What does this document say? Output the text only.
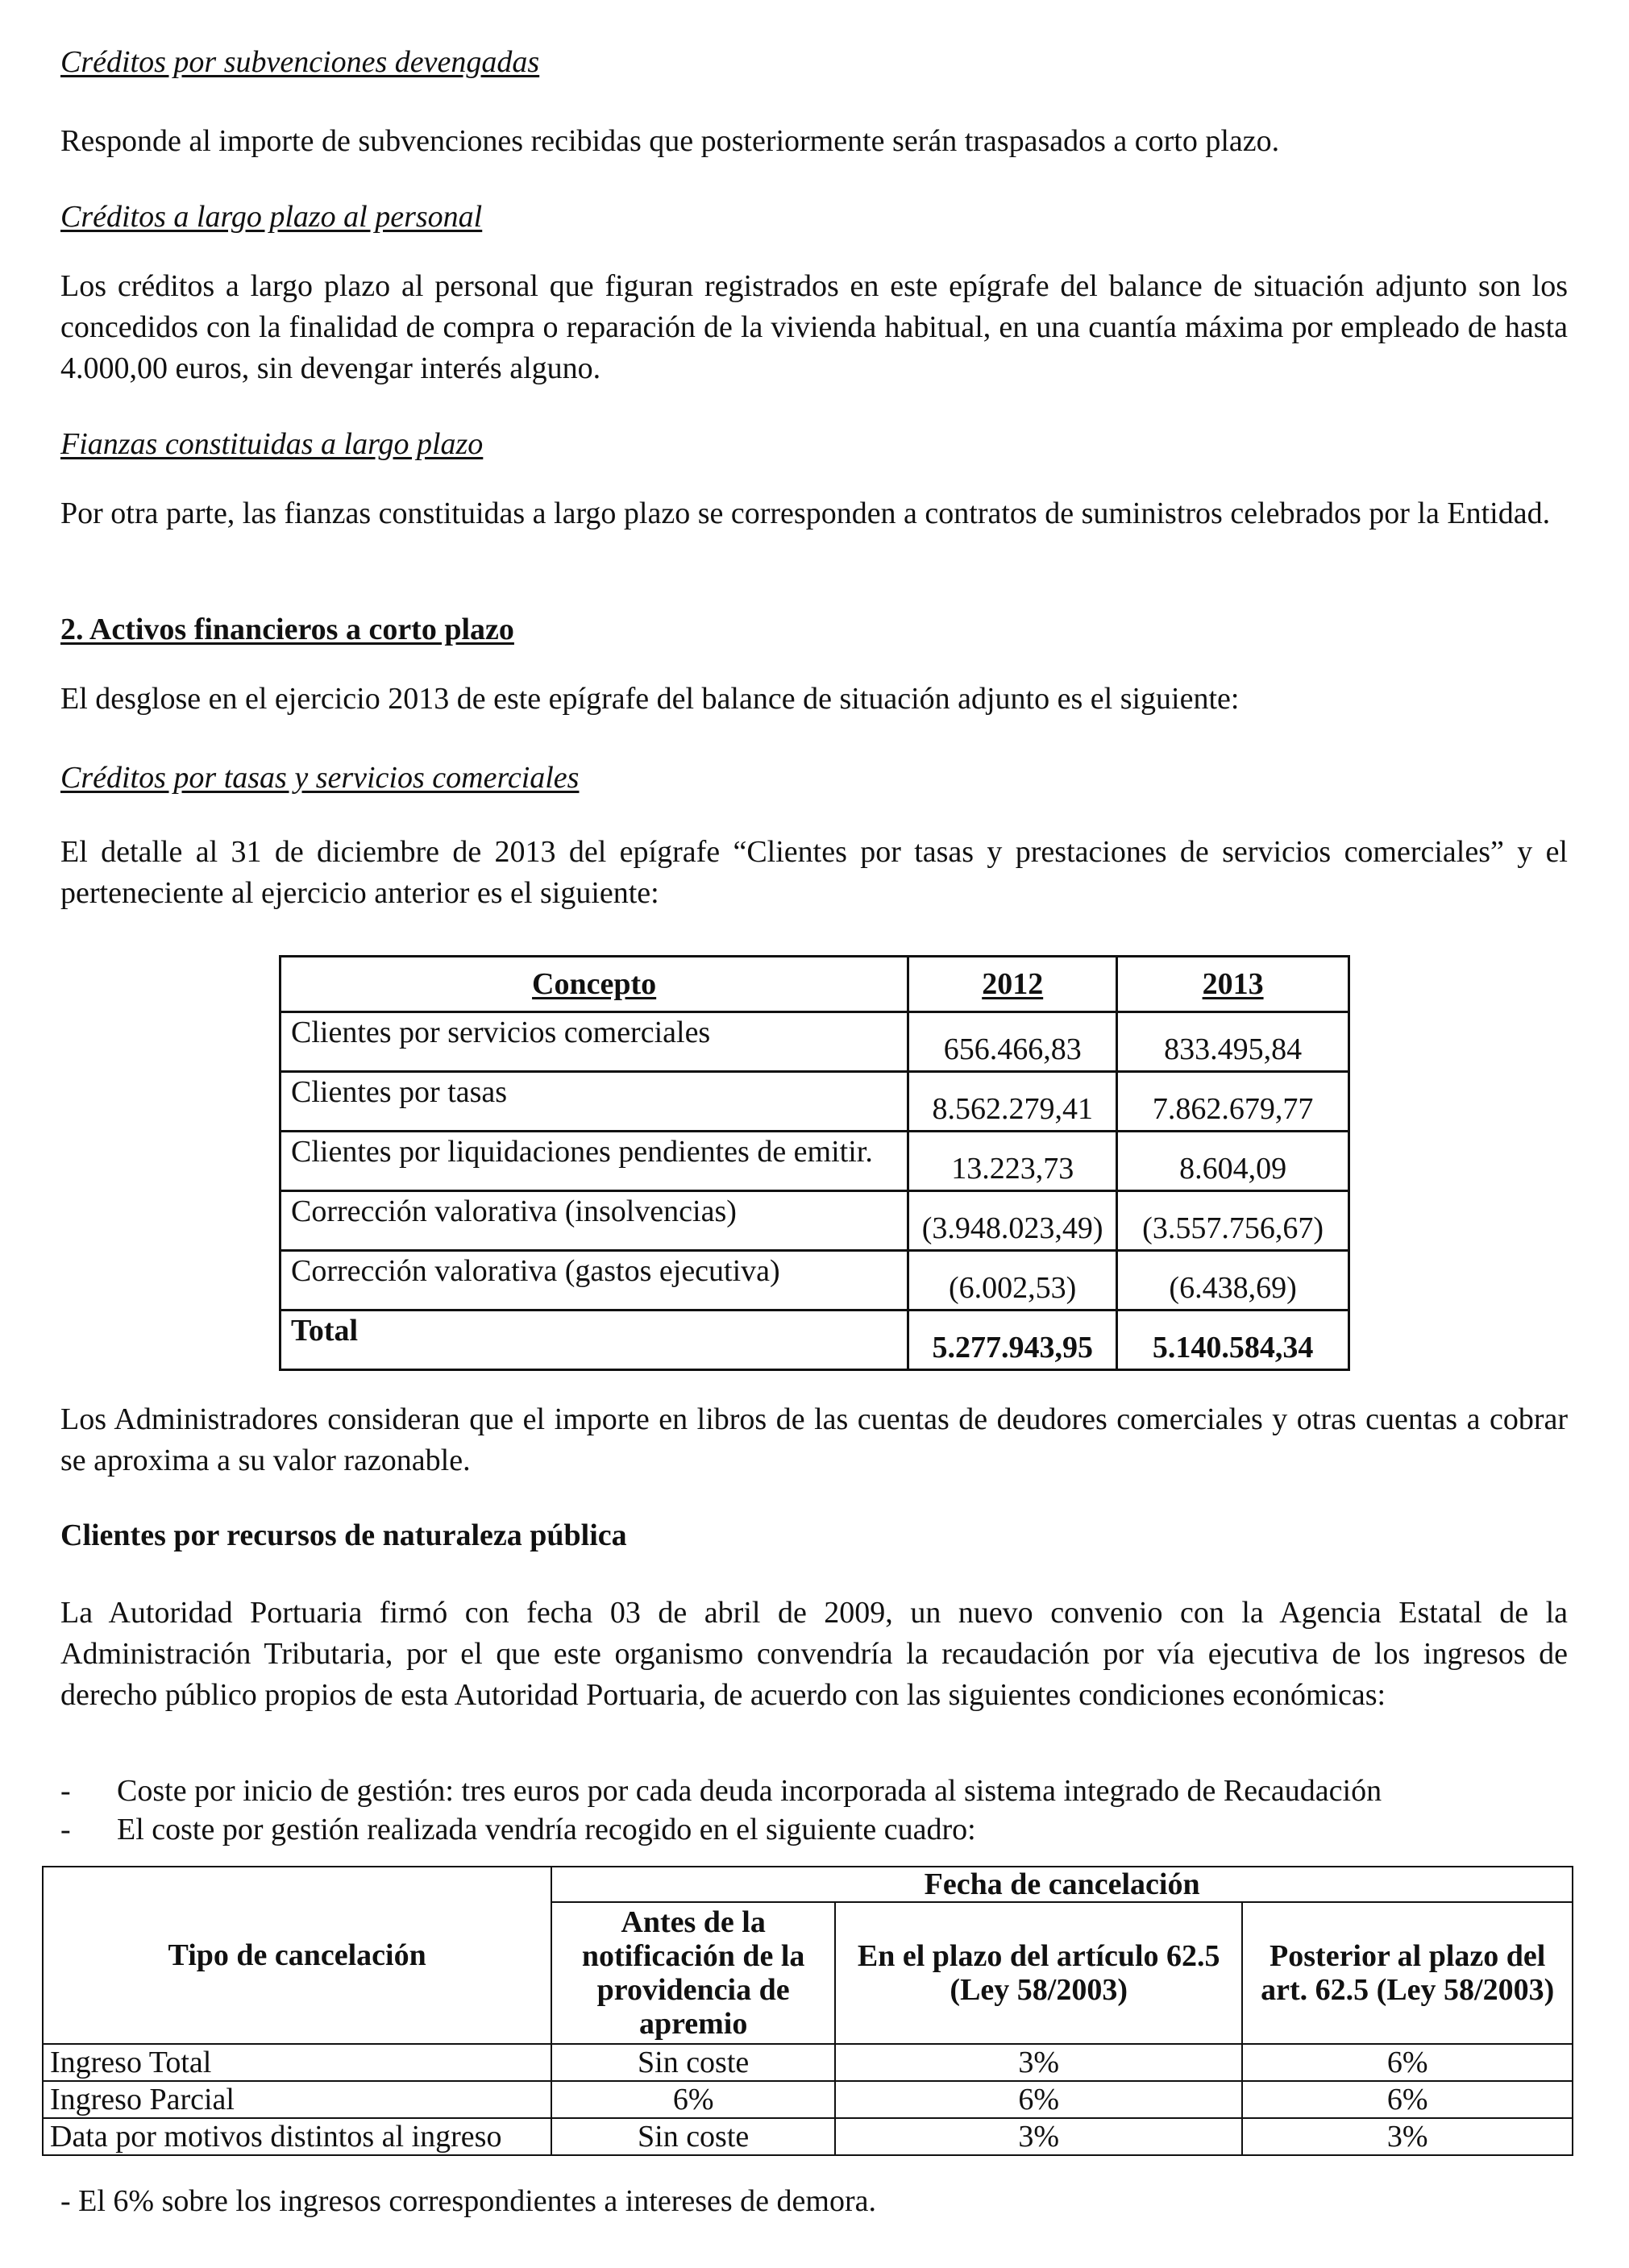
Créditos por subvenciones devengadas

Responde al importe de subvenciones recibidas que posteriormente serán traspasados a corto plazo.

Créditos a largo plazo al personal

Los créditos a largo plazo al personal que figuran registrados en este epígrafe del balance de situación adjunto son los concedidos con la finalidad de compra o reparación de la vivienda habitual, en una cuantía máxima por empleado de hasta 4.000,00 euros, sin devengar interés alguno.

Fianzas constituidas a largo plazo

Por otra parte, las fianzas constituidas a largo plazo se corresponden a contratos de suministros celebrados por la Entidad.

2. Activos financieros a corto plazo

El desglose en el ejercicio 2013 de este epígrafe del balance de situación adjunto es el siguiente:

Créditos por tasas y servicios comerciales

El detalle al 31 de diciembre de 2013 del epígrafe “Clientes por tasas y prestaciones de servicios comerciales” y el perteneciente al ejercicio anterior es el siguiente:

Concepto	2012	2013
Clientes por servicios comerciales	656.466,83	833.495,84
Clientes por tasas	8.562.279,41	7.862.679,77
Clientes por liquidaciones pendientes de emitir.	13.223,73	8.604,09
Corrección valorativa (insolvencias)	(3.948.023,49)	(3.557.756,67)
Corrección valorativa (gastos ejecutiva)	(6.002,53)	(6.438,69)
Total	5.277.943,95	5.140.584,34

Los Administradores consideran que el importe en libros de las cuentas de deudores comerciales y otras cuentas a cobrar se aproxima a su valor razonable.

Clientes por recursos de naturaleza pública

La Autoridad Portuaria firmó con fecha 03 de abril de 2009, un nuevo convenio con la Agencia Estatal de la Administración Tributaria, por el que este organismo convendría la recaudación por vía ejecutiva de los ingresos de derecho público propios de esta Autoridad Portuaria, de acuerdo con las siguientes condiciones económicas:

- Coste por inicio de gestión: tres euros por cada deuda incorporada al sistema integrado de Recaudación

- El coste por gestión realizada vendría recogido en el siguiente cuadro:

Tipo de cancelación	Fecha de cancelación		
	Antes de la notificación de la providencia de apremio	En el plazo del artículo 62.5 (Ley 58/2003)	Posterior al plazo del art. 62.5 (Ley 58/2003)
Ingreso Total	Sin coste	3%	6%
Ingreso Parcial	6%	6%	6%
Data por motivos distintos al ingreso	Sin coste	3%	3%

- El 6% sobre los ingresos correspondientes a intereses de demora.
